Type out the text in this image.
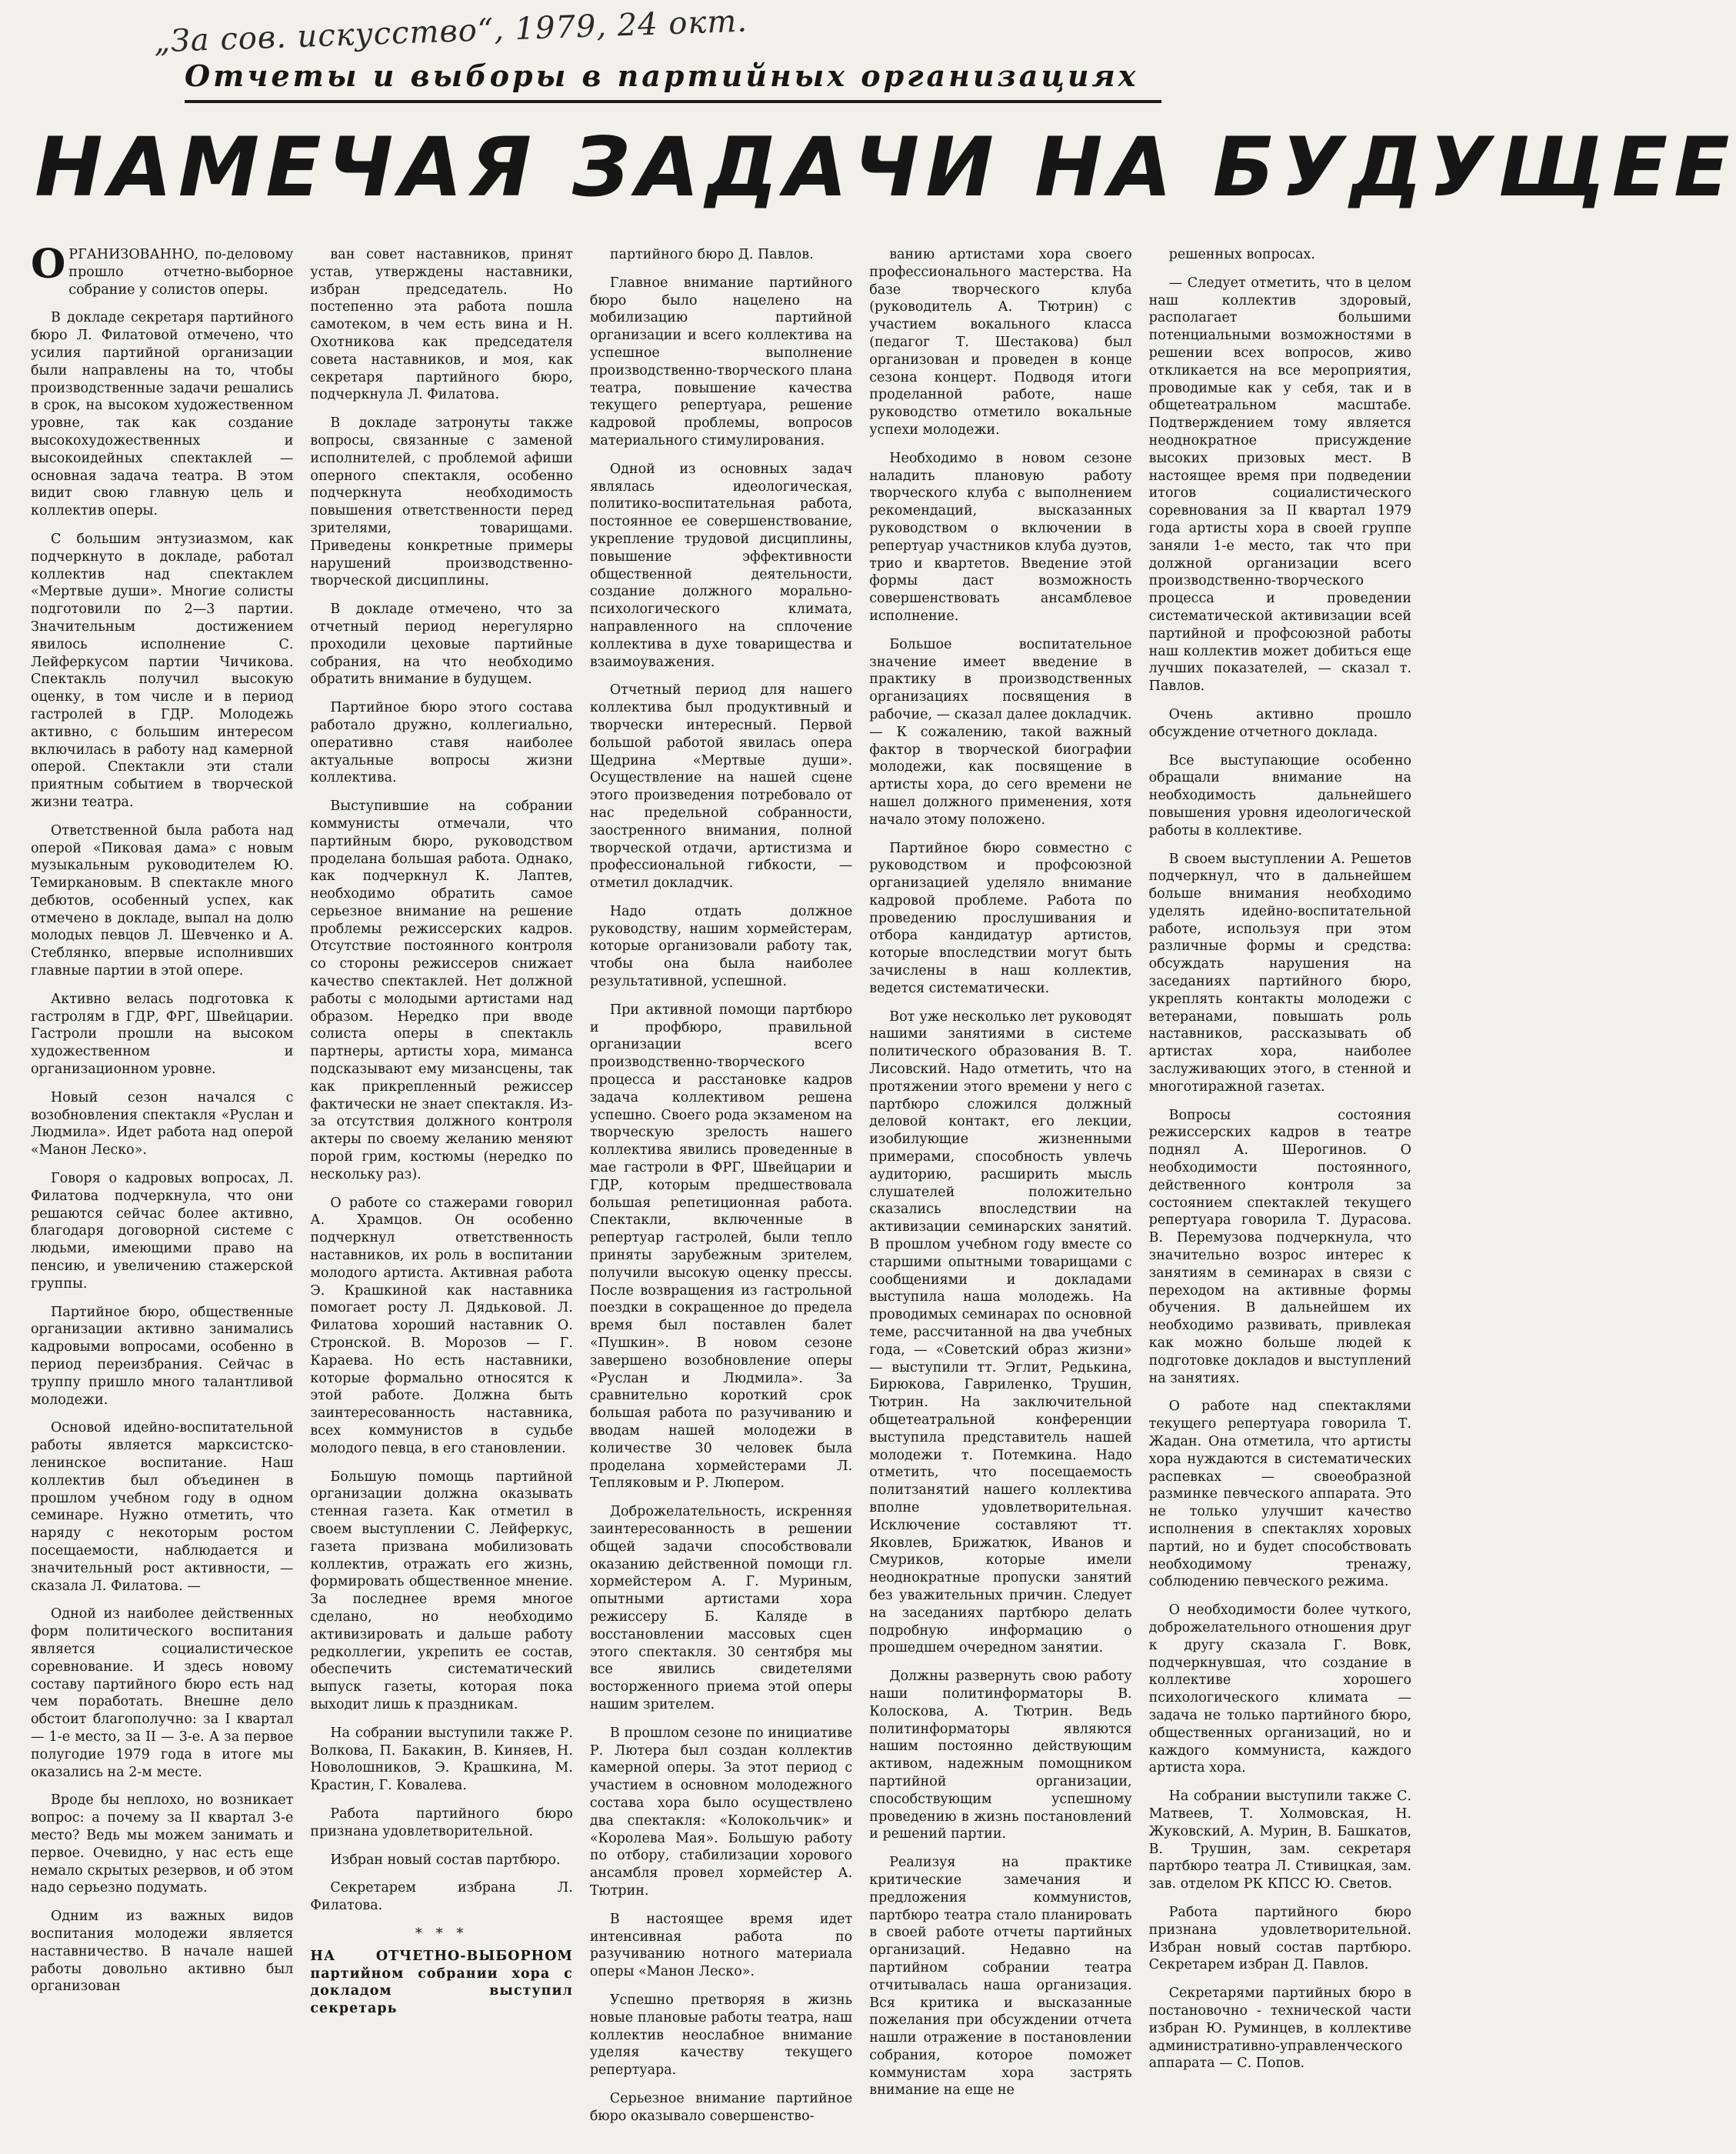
„За сов. искусство“, 1979, 24 окт.
Отчеты и выборы в партийных организациях
НАМЕЧАЯ ЗАДАЧИ НА БУДУЩЕЕ
О РГАНИЗОВАННО, по-деловому прошло отчетно-выборное собрание у солистов оперы.

В докладе секретаря партийного бюро Л. Филатовой отмечено, что усилия партийной организации были направлены на то, чтобы производственные задачи решались в срок, на высоком художественном уровне, так как создание высокохудожественных и высокоидейных спектаклей — основная задача театра. В этом видит свою главную цель и коллектив оперы.

С большим энтузиазмом, как подчеркнуто в докладе, работал коллектив над спектаклем «Мертвые души». Многие солисты подготовили по 2—3 партии. Значительным достижением явилось исполнение С. Лейферкусом партии Чичикова. Спектакль получил высокую оценку, в том числе и в период гастролей в ГДР. Молодежь активно, с большим интересом включилась в работу над камерной оперой. Спектакли эти стали приятным событием в творческой жизни театра.

Ответственной была работа над оперой «Пиковая дама» с новым музыкальным руководителем Ю. Темиркановым. В спектакле много дебютов, особенный успех, как отмечено в докладе, выпал на долю молодых певцов Л. Шевченко и А. Стеблянко, впервые исполнивших главные партии в этой опере.

Активно велась подготовка к гастролям в ГДР, ФРГ, Швейцарии. Гастроли прошли на высоком художественном и организационном уровне.

Новый сезон начался с возобновления спектакля «Руслан и Людмила». Идет работа над оперой «Манон Леско».

Говоря о кадровых вопросах, Л. Филатова подчеркнула, что они решаются сейчас более активно, благодаря договорной системе с людьми, имеющими право на пенсию, и увеличению стажерской группы.

Партийное бюро, общественные организации активно занимались кадровыми вопросами, особенно в период переизбрания. Сейчас в труппу пришло много талантливой молодежи.

Основой идейно-воспитательной работы является марксистско-ленинское воспитание. Наш коллектив был объединен в прошлом учебном году в одном семинаре. Нужно отметить, что наряду с некоторым ростом посещаемости, наблюдается и значительный рост активности, — сказала Л. Филатова. —

Одной из наиболее действенных форм политического воспитания является социалистическое соревнование. И здесь новому составу партийного бюро есть над чем поработать. Внешне дело обстоит благополучно: за I квартал — 1-е место, за II — 3-е. А за первое полугодие 1979 года в итоге мы оказались на 2-м месте.

Вроде бы неплохо, но возникает вопрос: а почему за II квартал 3-е место? Ведь мы можем занимать и первое. Очевидно, у нас есть еще немало скрытых резервов, и об этом надо серьезно подумать.

Одним из важных видов воспитания молодежи является наставничество. В начале нашей работы довольно активно был организован

ван совет наставников, принят устав, утверждены наставники, избран председатель. Но постепенно эта работа пошла самотеком, в чем есть вина и Н. Охотникова как председателя совета наставников, и моя, как секретаря партийного бюро, подчеркнула Л. Филатова.

В докладе затронуты также вопросы, связанные с заменой исполнителей, с проблемой афиши оперного спектакля, особенно подчеркнута необходимость повышения ответственности перед зрителями, товарищами. Приведены конкретные примеры нарушений производственно-творческой дисциплины.

В докладе отмечено, что за отчетный период нерегулярно проходили цеховые партийные собрания, на что необходимо обратить внимание в будущем.

Партийное бюро этого состава работало дружно, коллегиально, оперативно ставя наиболее актуальные вопросы жизни коллектива.

Выступившие на собрании коммунисты отмечали, что партийным бюро, руководством проделана большая работа. Однако, как подчеркнул К. Лаптев, необходимо обратить самое серьезное внимание на решение проблемы режиссерских кадров. Отсутствие постоянного контроля со стороны режиссеров снижает качество спектаклей. Нет должной работы с молодыми артистами над образом. Нередко при вводе солиста оперы в спектакль партнеры, артисты хора, мимансa подсказывают ему мизансцены, так как прикрепленный режиссер фактически не знает спектакля. Из-за отсутствия должного контроля актеры по своему желанию меняют порой грим, костюмы (нередко по нескольку раз).

О работе со стажерами говорил А. Храмцов. Он особенно подчеркнул ответственность наставников, их роль в воспитании молодого артиста. Активная работа Э. Крашкиной как наставника помогает росту Л. Дядьковой. Л. Филатова хороший наставник О. Стронской. В. Морозов — Г. Караевa. Но есть наставники, которые формально относятся к этой работе. Должна быть заинтересованность наставника, всех коммунистов в судьбе молодого певца, в его становлении.

Большую помощь партийной организации должна оказывать стенная газета. Как отметил в своем выступлении С. Лейферкус, газета призвана мобилизовать коллектив, отражать его жизнь, формировать общественное мнение. За последнее время многое сделано, но необходимо активизировать и дальше работу редколлегии, укрепить ее состав, обеспечить систематический выпуск газеты, которая пока выходит лишь к праздникам.

На собрании выступили также Р. Волкова, П. Бакакин, В. Киняев, Н. Новолошников, Э. Крашкина, М. Крастин, Г. Ковалева.

Работа партийного бюро признана удовлетворительной.

Избран новый состав партбюро.

Секретарем избрана Л. Филатова.

* * *

НА ОТЧЕТНО-ВЫБОРНОМ партийном собрании хора с докладом выступил секретарь

партийного бюро Д. Павлов.

Главное внимание партийного бюро было нацелено на мобилизацию партийной организации и всего коллектива на успешное выполнение производственно-творческого плана театра, повышение качества текущего репертуара, решение кадровой проблемы, вопросов материального стимулирования.

Одной из основных задач являлась идеологическая, политико-воспитательная работа, постоянное ее совершенствование, укрепление трудовой дисциплины, повышение эффективности общественной деятельности, создание должного морально-психологического климата, направленного на сплочение коллектива в духе товарищества и взаимоуважения.

Отчетный период для нашего коллектива был продуктивный и творчески интересный. Первой большой работой явилась опера Щедрина «Мертвые души». Осуществление на нашей сцене этого произведения потребовало от нас предельной собранности, заостренного внимания, полной творческой отдачи, артистизма и профессиональной гибкости, — отметил докладчик.

Надо отдать должное руководству, нашим хормейстерам, которые организовали работу так, чтобы она была наиболее результативной, успешной.

При активной помощи партбюро и профбюро, правильной организации всего производственно-творческого процесса и расстановке кадров задача коллективом решена успешно. Своего рода экзаменом на творческую зрелость нашего коллектива явились проведенные в мае гастроли в ФРГ, Швейцарии и ГДР, которым предшествовала большая репетиционная работа. Спектакли, включенные в репертуар гастролей, были тепло приняты зарубежным зрителем, получили высокую оценку прессы. После возвращения из гастрольной поездки в сокращенное до предела время был поставлен балет «Пушкин». В новом сезоне завершено возобновление оперы «Руслан и Людмила». За сравнительно короткий срок большая работа по разучиванию и вводам нашей молодежи в количестве 30 человек была проделана хормейстерами Л. Тепляковым и Р. Люпером.

Доброжелательность, искренняя заинтересованность в решении общей задачи способствовали оказанию действенной помощи гл. хормейстером А. Г. Муриным, опытными артистами хора режиссеру Б. Каляде в восстановлении массовых сцен этого спектакля. 30 сентября мы все явились свидетелями восторженного приема этой оперы нашим зрителем.

В прошлом сезоне по инициативе Р. Лютера был создан коллектив камерной оперы. За этот период с участием в основном молодежного состава хора было осуществлено два спектакля: «Колокольчик» и «Королева Мая». Большую работу по отбору, стабилизации хорового ансамбля провел хормейстер А. Тютрин.

В настоящее время идет интенсивная работа по разучиванию нотного материала оперы «Манон Леско».

Успешно претворяя в жизнь новые плановые работы театра, наш коллектив неослабное внимание уделяя качеству текущего репертуара.

Серьезное внимание партийное бюро оказывало совершенство-

ванию артистами хора своего профессионального мастерства. На базе творческого клуба (руководитель А. Тютрин) с участием вокального класса (педагог Т. Шестакова) был организован и проведен в конце сезона концерт. Подводя итоги проделанной работе, наше руководство отметило вокальные успехи молодежи.

Необходимо в новом сезоне наладить плановую работу творческого клуба с выполнением рекомендаций, высказанных руководством о включении в репертуар участников клуба дуэтов, трио и квартетов. Введение этой формы даст возможность совершенствовать ансамблевое исполнение.

Большое воспитательное значение имеет введение в практику в производственных организациях посвящения в рабочие, — сказал далее докладчик. — К сожалению, такой важный фактор в творческой биографии молодежи, как посвящение в артисты хора, до сего времени не нашел должного применения, хотя начало этому положено.

Партийное бюро совместно с руководством и профсоюзной организацией уделяло внимание кадровой проблеме. Работа по проведению прослушивания и отбора кандидатур артистов, которые впоследствии могут быть зачислены в наш коллектив, ведется систематически.

Вот уже несколько лет руководят нашими занятиями в системе политического образования В. Т. Лисовский. Надо отметить, что на протяжении этого времени у него с партбюро сложился должный деловой контакт, его лекции, изобилующие жизненными примерами, способность увлечь аудиторию, расширить мысль слушателей положительно сказались впоследствии на активизации семинарских занятий. В прошлом учебном году вместе со старшими опытными товарищами с сообщениями и докладами выступила наша молодежь. На проводимых семинарах по основной теме, рассчитанной на два учебных года, — «Советский образ жизни» — выступили тт. Эглит, Редькина, Бирюкова, Гавриленко, Трушин, Тютрин. На заключительной общетеатральной конференции выступила представитель нашей молодежи т. Потемкина. Надо отметить, что посещаемость политзанятий нашего коллектива вполне удовлетворительная. Исключение составляют тт. Яковлев, Брижатюк, Иванов и Смуриков, которые имели неоднократные пропуски занятий без уважительных причин. Следует на заседаниях партбюро делать подробную информацию о прошедшем очередном занятии.

Должны развернуть свою работу наши политинформаторы В. Колоскова, А. Тютрин. Ведь политинформаторы являются нашим постоянно действующим активом, надежным помощником партийной организации, способствующим успешному проведению в жизнь постановлений и решений партии.

Реализуя на практике критические замечания и предложения коммунистов, партбюро театра стало планировать в своей работе отчеты партийных организаций. Недавно на партийном собрании театра отчитывалась наша организация. Вся критика и высказанные пожелания при обсуждении отчета нашли отражение в постановлении собрания, которое поможет коммунистам хора застрять внимание на еще не

решенных вопросах.

— Следует отметить, что в целом наш коллектив здоровый, располагает большими потенциальными возможностями в решении всех вопросов, живо откликается на все мероприятия, проводимые как у себя, так и в общетеатральном масштабе. Подтверждением тому является неоднократное присуждение высоких призовых мест. В настоящее время при подведении итогов социалистического соревнования за II квартал 1979 года артисты хора в своей группе заняли 1-е место, так что при должной организации всего производственно-творческого процесса и проведении систематической активизации всей партийной и профсоюзной работы наш коллектив может добиться еще лучших показателей, — сказал т. Павлов.

Очень активно прошло обсуждение отчетного доклада.

Все выступающие особенно обращали внимание на необходимость дальнейшего повышения уровня идеологической работы в коллективе.

В своем выступлении А. Решетов подчеркнул, что в дальнейшем больше внимания необходимо уделять идейно-воспитательной работе, используя при этом различные формы и средства: обсуждать нарушения на заседаниях партийного бюро, укреплять контакты молодежи с ветеранами, повышать роль наставников, рассказывать об артистах хора, наиболее заслуживающих этого, в стенной и многотиражной газетах.

Вопросы состояния режиссерских кадров в театре поднял А. Шерогинов. О необходимости постоянного, действенного контроля за состоянием спектаклей текущего репертуара говорила Т. Дурасова. В. Перемузова подчеркнула, что значительно возрос интерес к занятиям в семинарах в связи с переходом на активные формы обучения. В дальнейшем их необходимо развивать, привлекая как можно больше людей к подготовке докладов и выступлений на занятиях.

О работе над спектаклями текущего репертуара говорила Т. Жадан. Она отметила, что артисты хора нуждаются в систематических распевках — своеобразной разминке певческого аппарата. Это не только улучшит качество исполнения в спектаклях хоровых партий, но и будет способствовать необходимому тренажу, соблюдению певческого режима.

О необходимости более чуткого, доброжелательного отношения друг к другу сказала Г. Вовк, подчеркнувшая, что создание в коллективе хорошего психологического климата — задача не только партийного бюро, общественных организаций, но и каждого коммуниста, каждого артиста хора.

На собрании выступили также С. Матвеев, Т. Холмовская, Н. Жуковский, А. Мурин, В. Башкатов, В. Трушин, зам. секретаря партбюро театра Л. Стивицкая, зам. зав. отделом РК КПСС Ю. Светов.

Работа партийного бюро признана удовлетворительной. Избран новый состав партбюро. Секретарем избран Д. Павлов.

Секретарями партийных бюро в постановочно - технической части избран Ю. Руминцев, в коллективе административно-управленческого аппарата — С. Попов.
